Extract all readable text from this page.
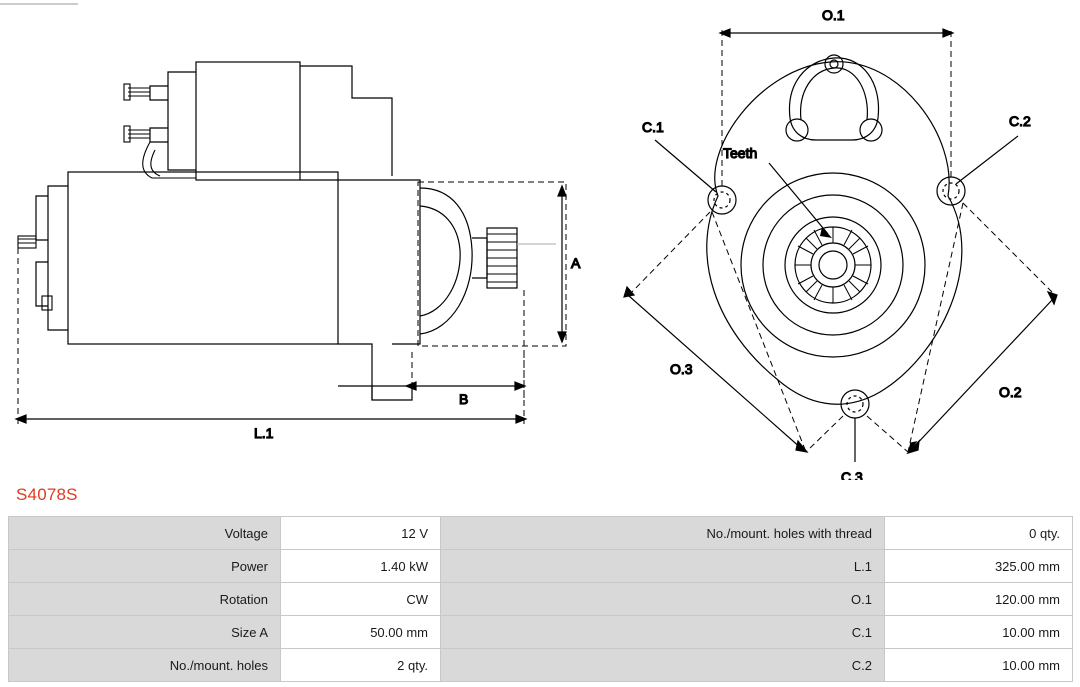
A
B
L.1
O.1
O.2
O.3
C.1	C.2
C.3
Teeth
S4078S
Voltage	12 V	No./mount. holes with thread	0 qty.
Power	1.40 kW	L.1	325.00 mm
Rotation	CW	O.1	120.00 mm
Size A	50.00 mm	C.1	10.00 mm
No./mount. holes	2 qty.	C.2	10.00 mm
